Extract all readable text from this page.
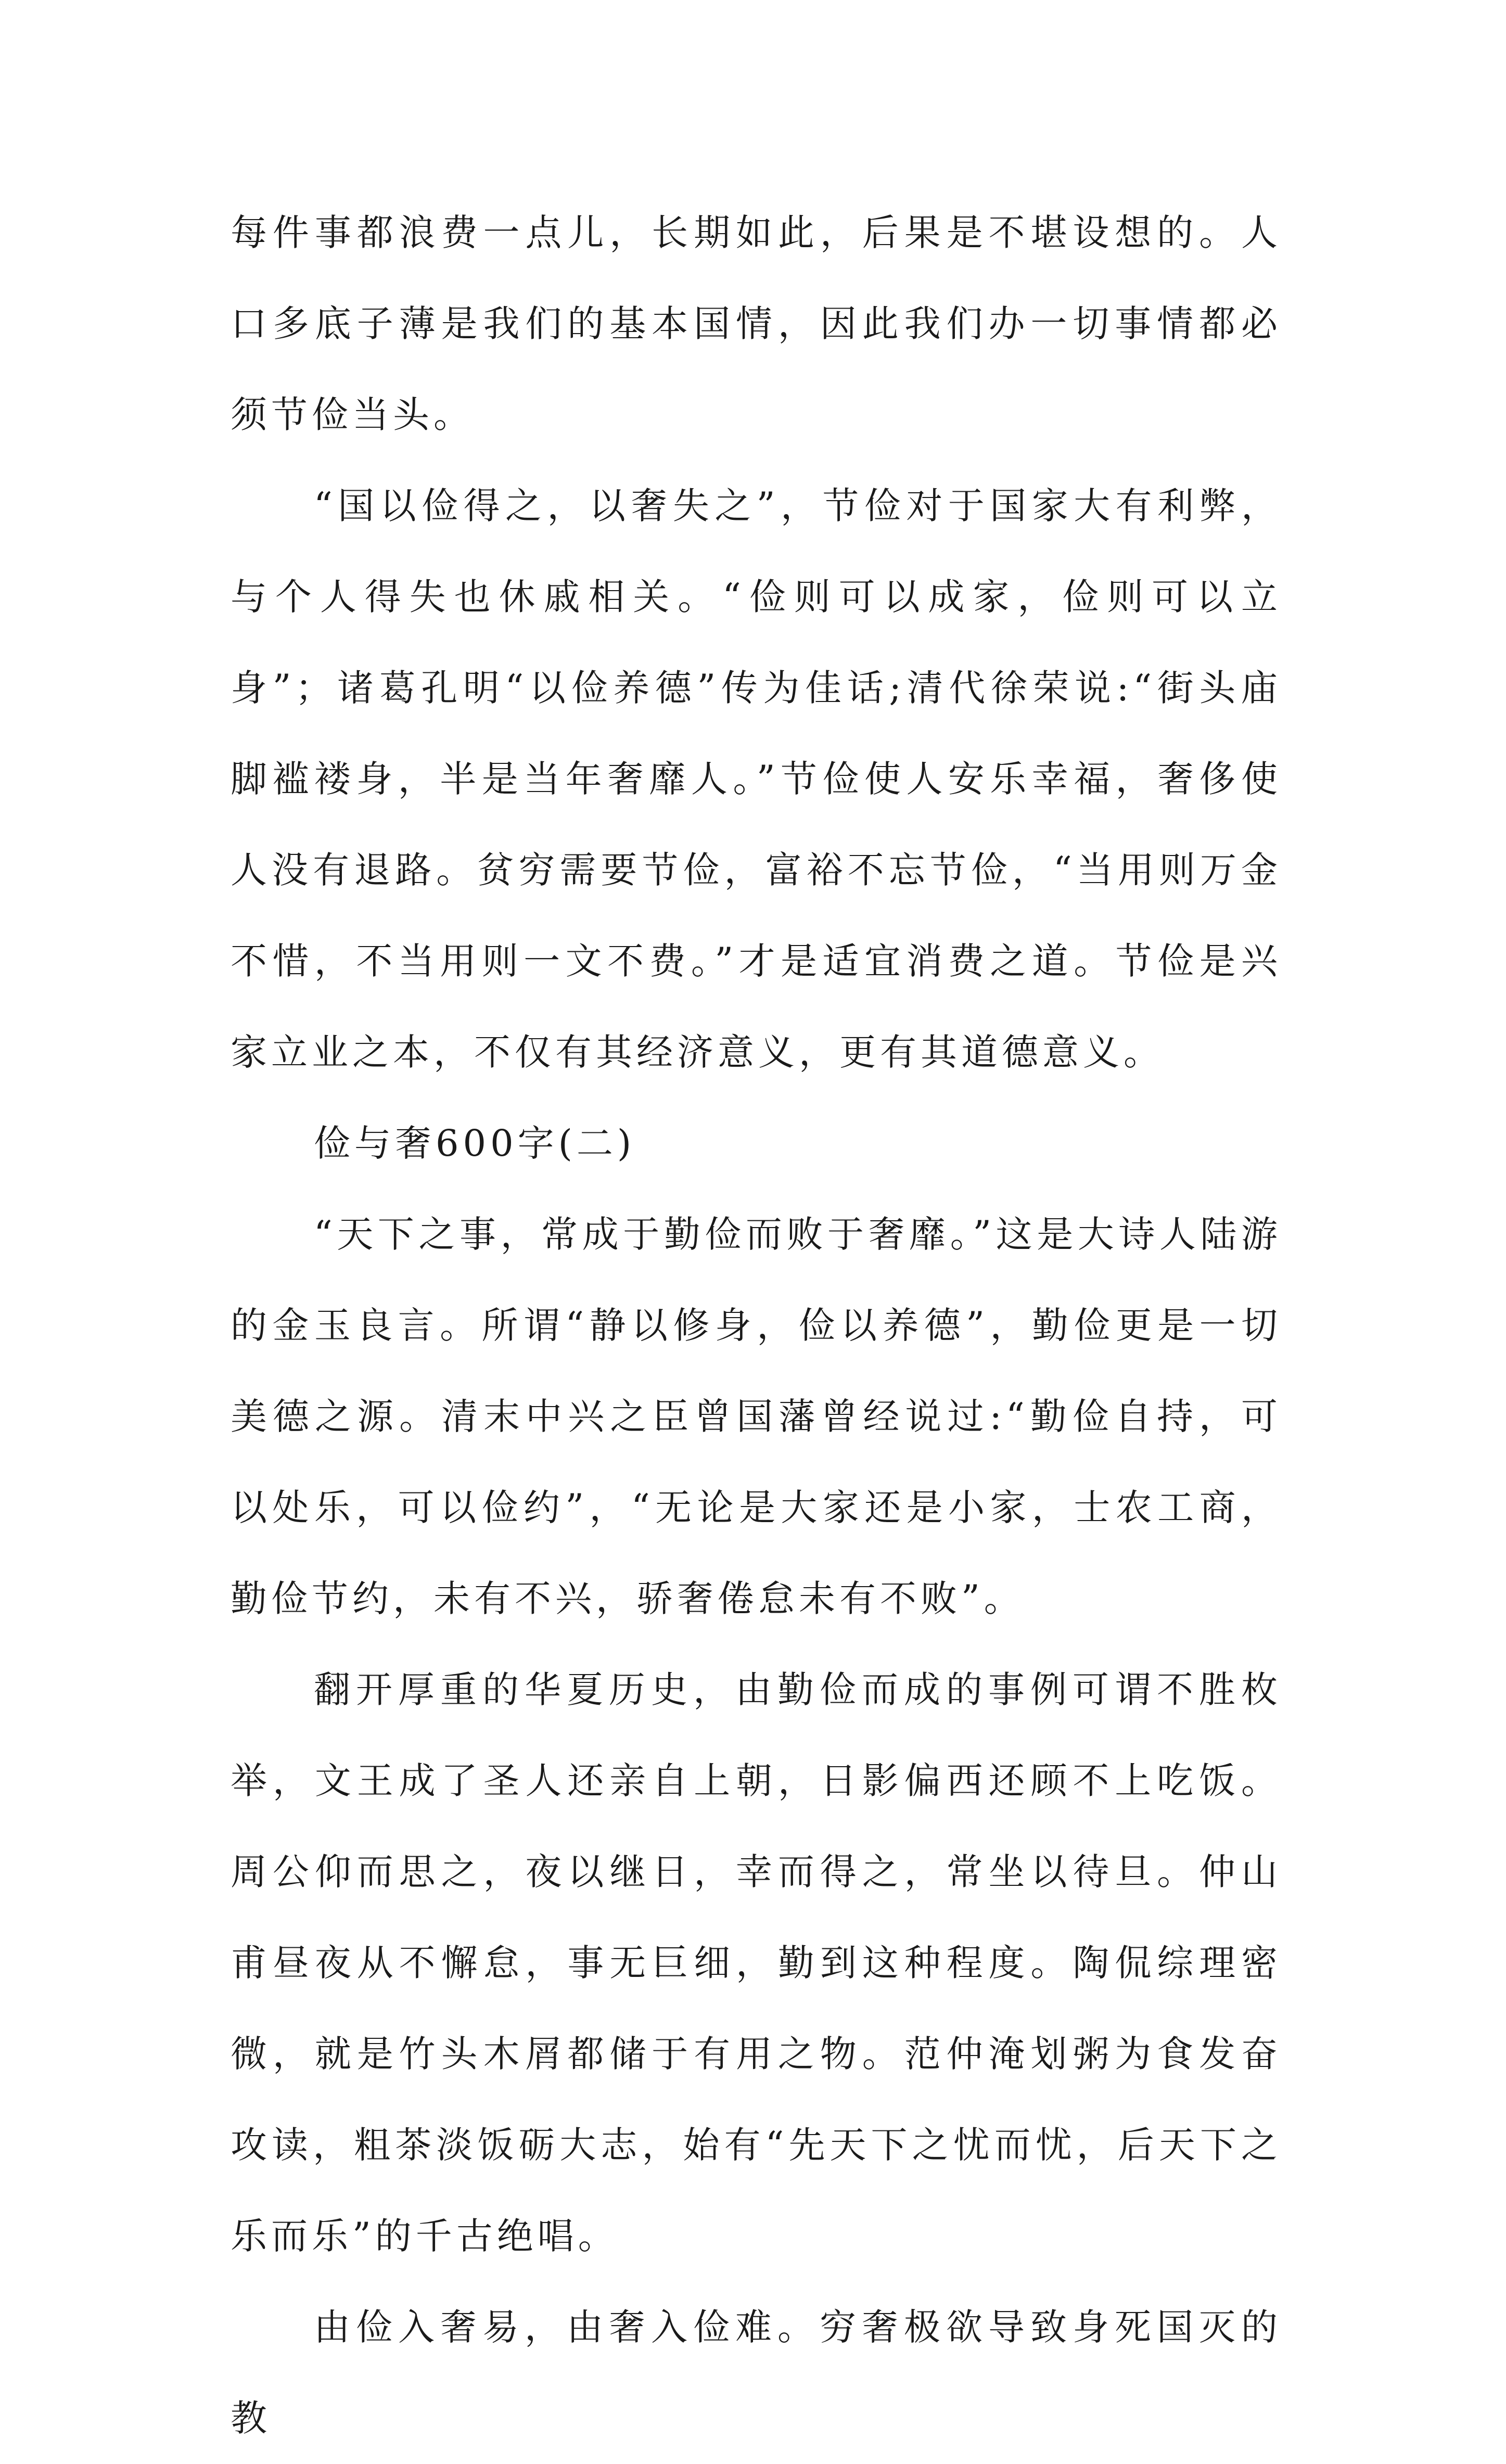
每件事都浪费一点儿，长期如此，后果是不堪设想的。人口多底子薄是我们的基本国情，因此我们办一切事情都必须节俭当头。

“国以俭得之，以奢失之”，节俭对于国家大有利弊，与个人得失也休戚相关。“俭则可以成家，俭则可以立身”；诸葛孔明“以俭养德”传为佳话;清代徐荣说:“街头庙脚褴褛身，半是当年奢靡人。”节俭使人安乐幸福，奢侈使人没有退路。贫穷需要节俭，富裕不忘节俭，“当用则万金不惜，不当用则一文不费。”才是适宜消费之道。节俭是兴家立业之本，不仅有其经济意义，更有其道德意义。

俭与奢600字(二)

“天下之事，常成于勤俭而败于奢靡。”这是大诗人陆游的金玉良言。所谓“静以修身，俭以养德”，勤俭更是一切美德之源。清末中兴之臣曾国藩曾经说过:“勤俭自持，可以处乐，可以俭约”，“无论是大家还是小家，士农工商，勤俭节约，未有不兴，骄奢倦怠未有不败”。

翻开厚重的华夏历史，由勤俭而成的事例可谓不胜枚举，文王成了圣人还亲自上朝，日影偏西还顾不上吃饭。周公仰而思之，夜以继日，幸而得之，常坐以待旦。仲山甫昼夜从不懈怠，事无巨细，勤到这种程度。陶侃综理密微，就是竹头木屑都储于有用之物。范仲淹划粥为食发奋攻读，粗茶淡饭砺大志，始有“先天下之忧而忧，后天下之乐而乐”的千古绝唱。

由俭入奢易，由奢入俭难。穷奢极欲导致身死国灭的教
